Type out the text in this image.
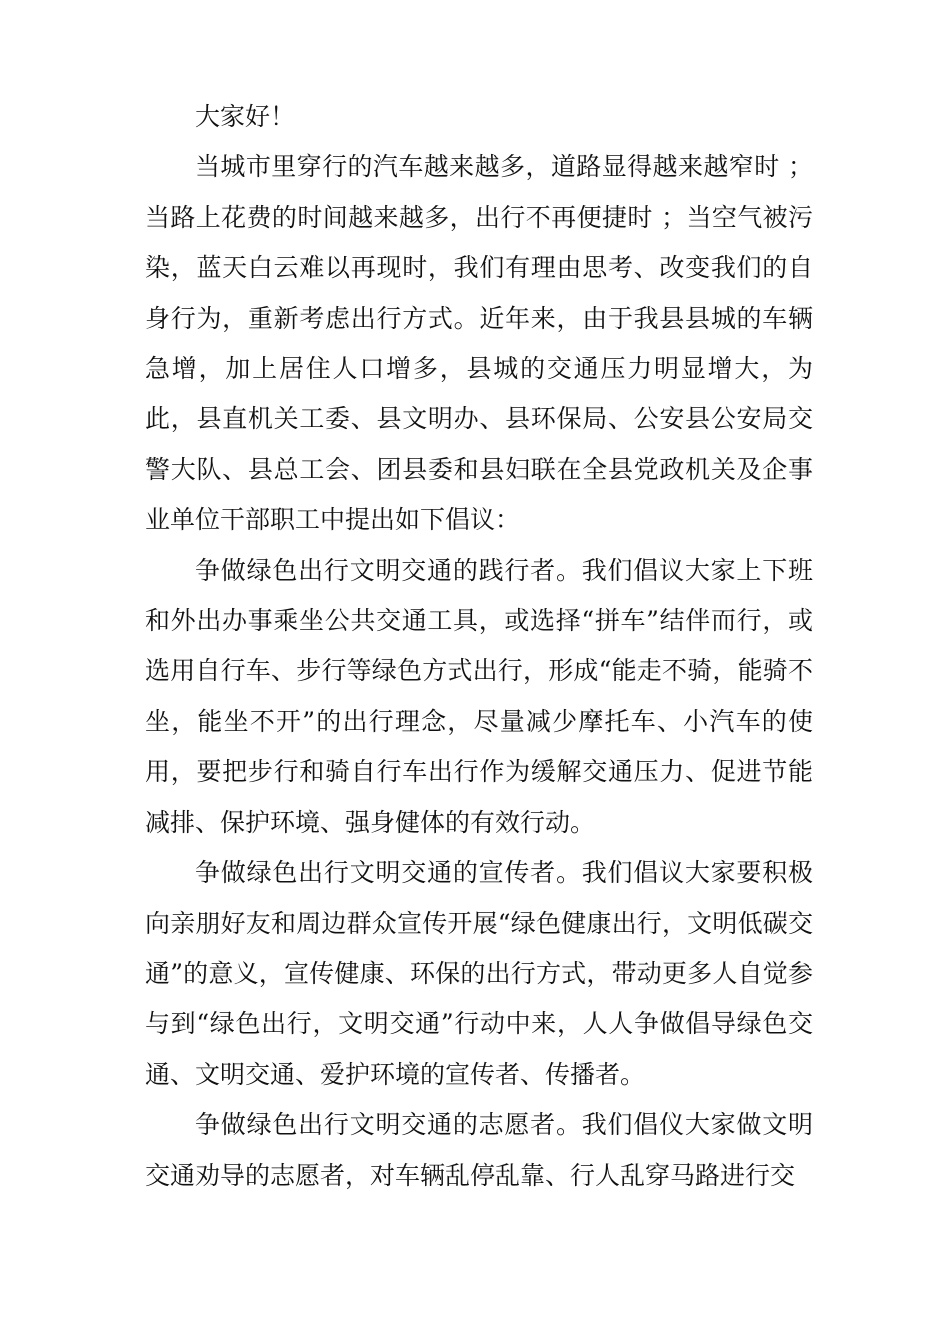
大家好！

当城市里穿行的汽车越来越多，道路显得越来越窄时 ；当路上花费的时间越来越多，出行不再便捷时 ；当空气被污染，蓝天白云难以再现时，我们有理由思考、改变我们的自身行为，重新考虑出行方式。近年来，由于我县县城的车辆急增，加上居住人口增多，县城的交通压力明显增大，为此，县直机关工委、县文明办、县环保局、公安县公安局交警大队、县总工会、团县委和县妇联在全县党政机关及企事业单位干部职工中提出如下倡议：

争做绿色出行文明交通的践行者。我们倡议大家上下班和外出办事乘坐公共交通工具，或选择“拼车”结伴而行，或选用自行车、步行等绿色方式出行，形成“能走不骑，能骑不坐，能坐不开”的出行理念，尽量减少摩托车、小汽车的使用，要把步行和骑自行车出行作为缓解交通压力、促进节能减排、保护环境、强身健体的有效行动。

争做绿色出行文明交通的宣传者。我们倡议大家要积极向亲朋好友和周边群众宣传开展“绿色健康出行，文明低碳交通”的意义，宣传健康、环保的出行方式，带动更多人自觉参与到“绿色出行，文明交通”行动中来，人人争做倡导绿色交通、文明交通、爱护环境的宣传者、传播者。

争做绿色出行文明交通的志愿者。我们倡仪大家做文明交通劝导的志愿者，对车辆乱停乱靠、行人乱穿马路进行交
